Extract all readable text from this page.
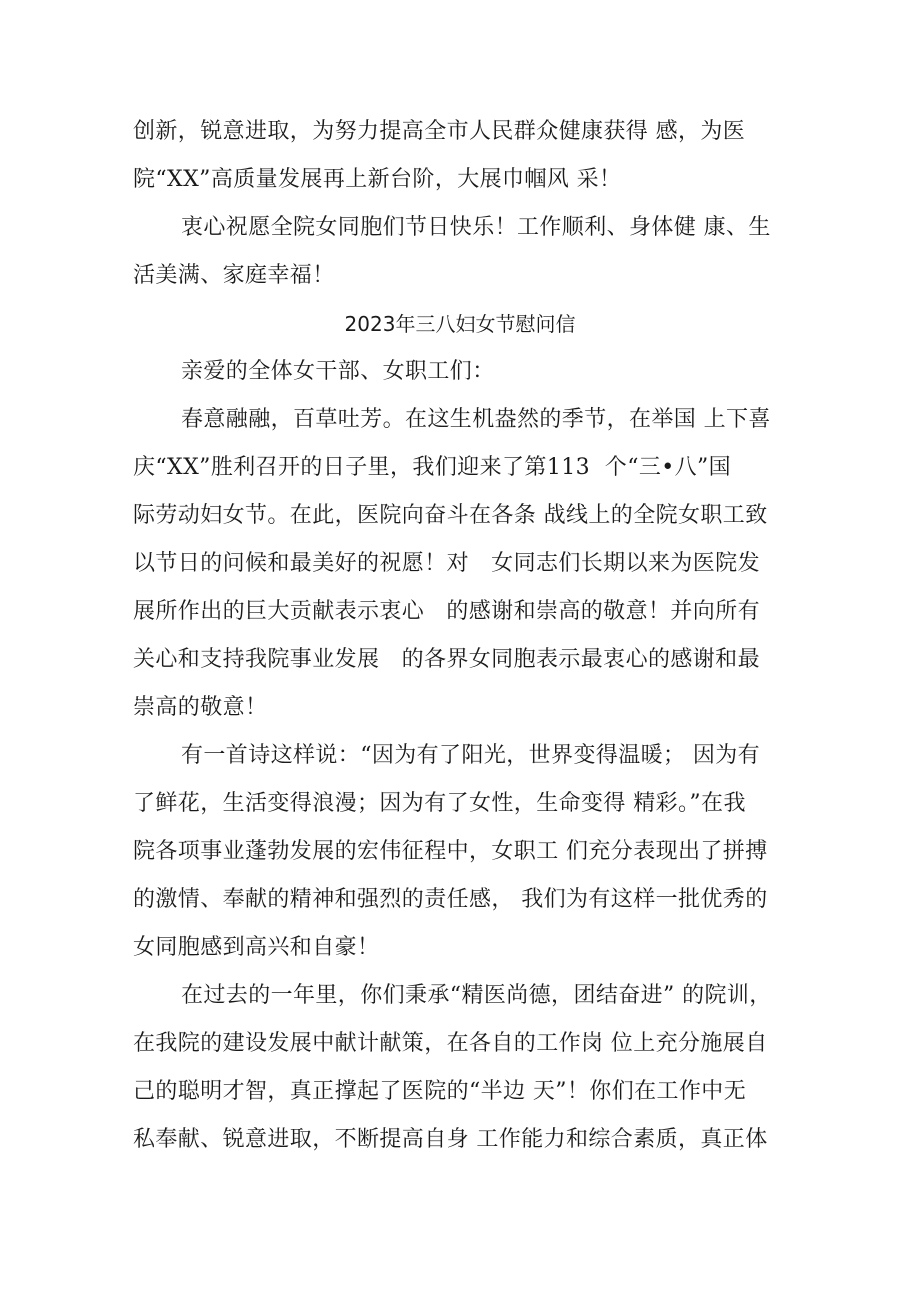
创新，锐意进取，为努力提高全市人民群众健康获得 感，为医
院“XX”高质量发展再上新台阶，大展巾帼风 采！
衷心祝愿全院女同胞们节日快乐！工作顺利、身体健 康、生
活美满、家庭幸福！
2023年三八妇女节慰问信
亲爱的全体女干部、女职工们：
春意融融，百草吐芳。在这生机盎然的季节，在举国 上下喜
庆“XX”胜利召开的日子里，我们迎来了第113  个“三•八”国
际劳动妇女节。在此，医院向奋斗在各条 战线上的全院女职工致
以节日的问候和最美好的祝愿！对   女同志们长期以来为医院发
展所作出的巨大贡献表示衷心   的感谢和崇高的敬意！并向所有
关心和支持我院事业发展   的各界女同胞表示最衷心的感谢和最
崇高的敬意！
有一首诗这样说：“因为有了阳光，世界变得温暖； 因为有
了鲜花，生活变得浪漫；因为有了女性，生命变得 精彩。”在我
院各项事业蓬勃发展的宏伟征程中，女职工 们充分表现出了拼搏
的激情、奉献的精神和强烈的责任感， 我们为有这样一批优秀的
女同胞感到高兴和自豪！
在过去的一年里，你们秉承“精医尚德，团结奋进” 的院训，
在我院的建设发展中献计献策，在各自的工作岗 位上充分施展自
己的聪明才智，真正撑起了医院的“半边 天”！你们在工作中无
私奉献、锐意进取，不断提高自身 工作能力和综合素质，真正体
